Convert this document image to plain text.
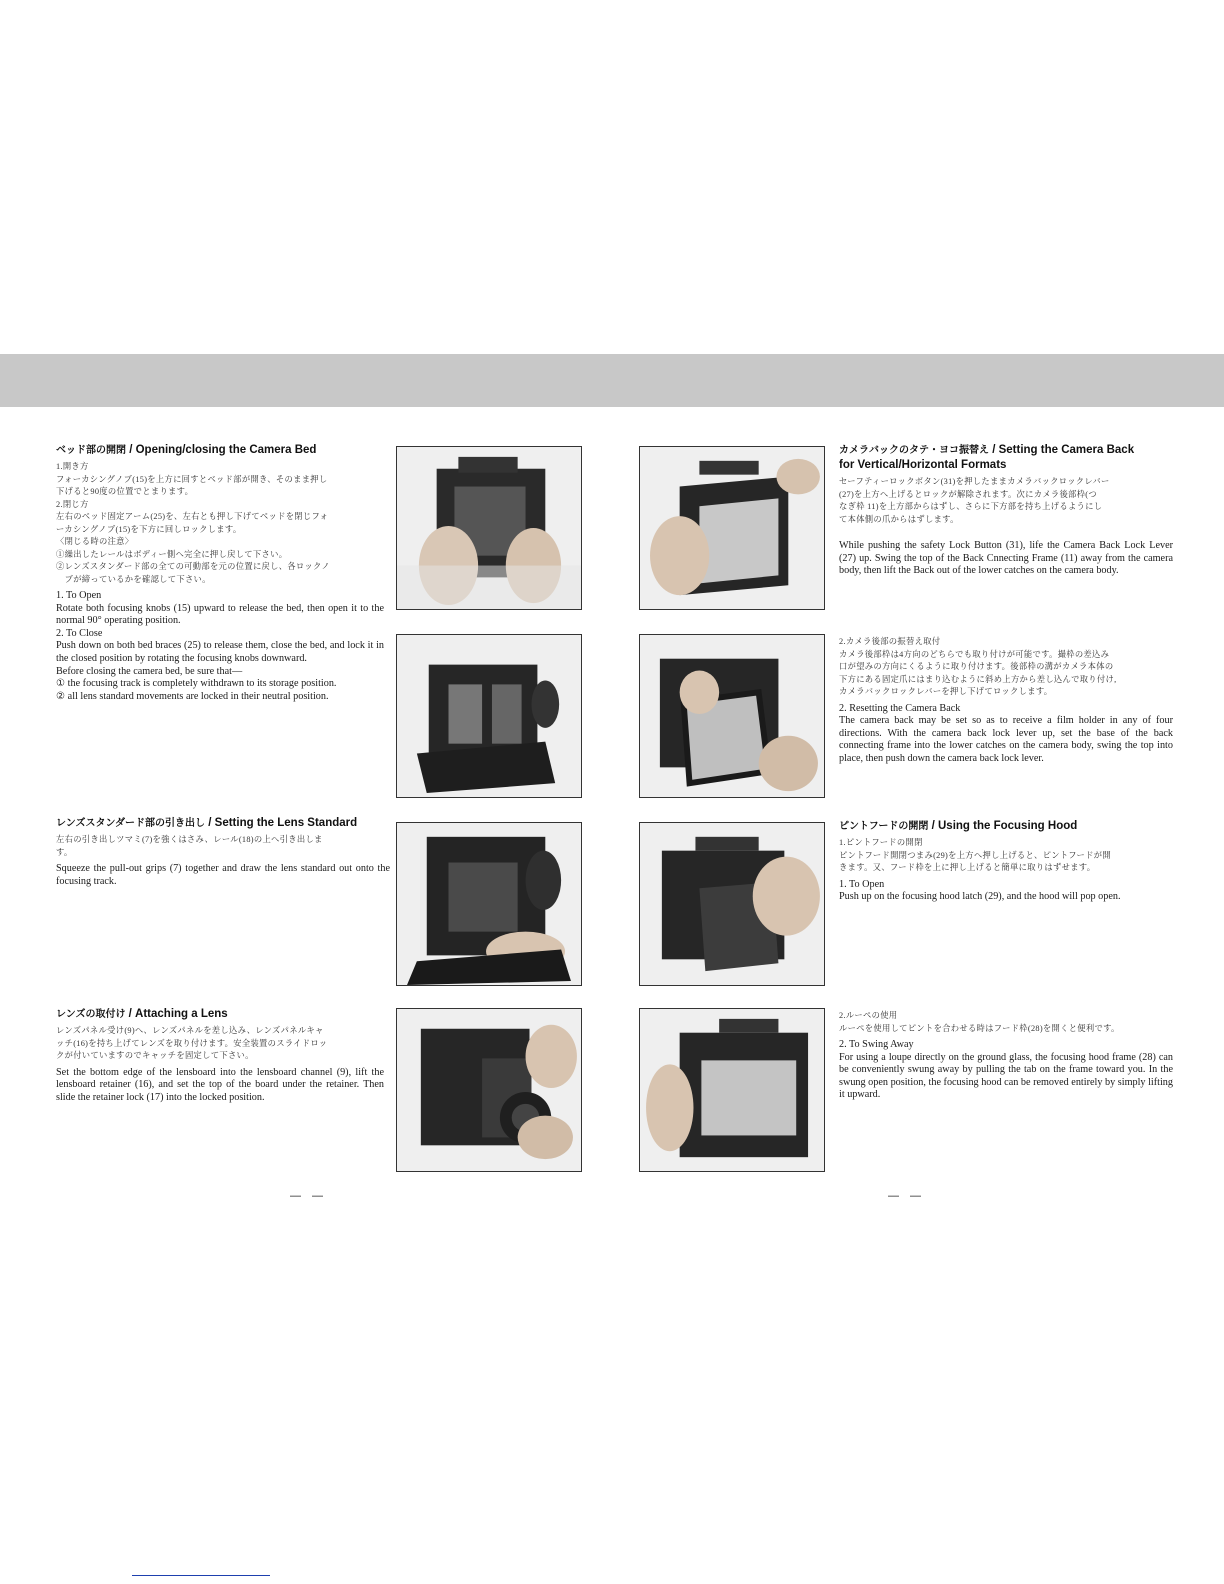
ベッド部の開閉 / Opening/closing the Camera Bed
1.開き方
フォーカシングノブ(15)を上方に回すとベッド部が開き、そのまま押し
下げると90度の位置でとまります。
2.閉じ方
左右のベッド固定アーム(25)を、左右とも押し下げてベッドを閉じフォ
ーカシングノブ(15)を下方に回しロックします。
〈閉じる時の注意〉
①繰出したレールはボディー側へ完全に押し戻して下さい。
②レンズスタンダード部の全ての可動部を元の位置に戻し、各ロックノ
　ブが締っているかを確認して下さい。
1. To Open
Rotate both focusing knobs (15) upward to release the bed, then open it to the normal 90° operating position.
2. To Close
Push down on both bed braces (25) to release them, close the bed, and lock it in the closed position by rotating the focusing knobs downward.
Before closing the camera bed, be sure that—
① the focusing track is completely withdrawn to its storage position.
② all lens standard movements are locked in their neutral position.
レンズスタンダード部の引き出し / Setting the Lens Standard
左右の引き出しツマミ(7)を強くはさみ、レール(18)の上へ引き出しま
す。
Squeeze the pull-out grips (7) together and draw the lens standard out onto the focusing track.
レンズの取付け / Attaching a Lens
レンズパネル受け(9)へ、レンズパネルを差し込み、レンズパネルキャ
ッチ(16)を持ち上げてレンズを取り付けます。安全装置のスライドロッ
クが付いていますのでキャッチを固定して下さい。
Set the bottom edge of the lensboard into the lensboard channel (9), lift the lensboard retainer (16), and set the top of the board under the retainer. Then slide the retainer lock (17) into the locked position.
—　—
カメラバックのタテ・ヨコ振替え / Setting the Camera Back
for Vertical/Horizontal Formats
セーフティーロックボタン(31)を押したままカメラバックロックレバー
(27)を上方へ上げるとロックが解除されます。次にカメラ後部枠(つ
なぎ枠 11)を上方部からはずし、さらに下方部を持ち上げるようにし
て本体側の爪からはずします。
While pushing the safety Lock Button (31), life the Camera Back Lock Lever (27) up. Swing the top of the Back Cnnecting Frame (11) away from the camera body, then lift the Back out of the lower catches on the camera body.
2.カメラ後部の振替え取付
カメラ後部枠は4方向のどちらでも取り付けが可能です。撮枠の差込み
口が望みの方向にくるように取り付けます。後部枠の溝がカメラ本体の
下方にある固定爪にはまり込むように斜め上方から差し込んで取り付け,
カメラバックロックレバーを押し下げてロックします。
2. Resetting the Camera Back
The camera back may be set so as to receive a film holder in any of four directions. With the camera back lock lever up, set the base of the back connecting frame into the lower catches on the camera body, swing the top into place, then push down the camera back lock lever.
ピントフードの開閉 / Using the Focusing Hood
1.ピントフードの開閉
ピントフード開閉つまみ(29)を上方へ押し上げると、ピントフードが開
きます。又、フード枠を上に押し上げると簡単に取りはずせます。
1. To Open
Push up on the focusing hood latch (29), and the hood will pop open.
2.ルーペの使用
ルーペを使用してピントを合わせる時はフード枠(28)を開くと便利です。
2. To Swing Away
For using a loupe directly on the ground glass, the focusing hood frame (28) can be conveniently swung away by pulling the tab on the frame toward you. In the swung open position, the focusing hood can be removed entirely by simply lifting it upward.
—　—
